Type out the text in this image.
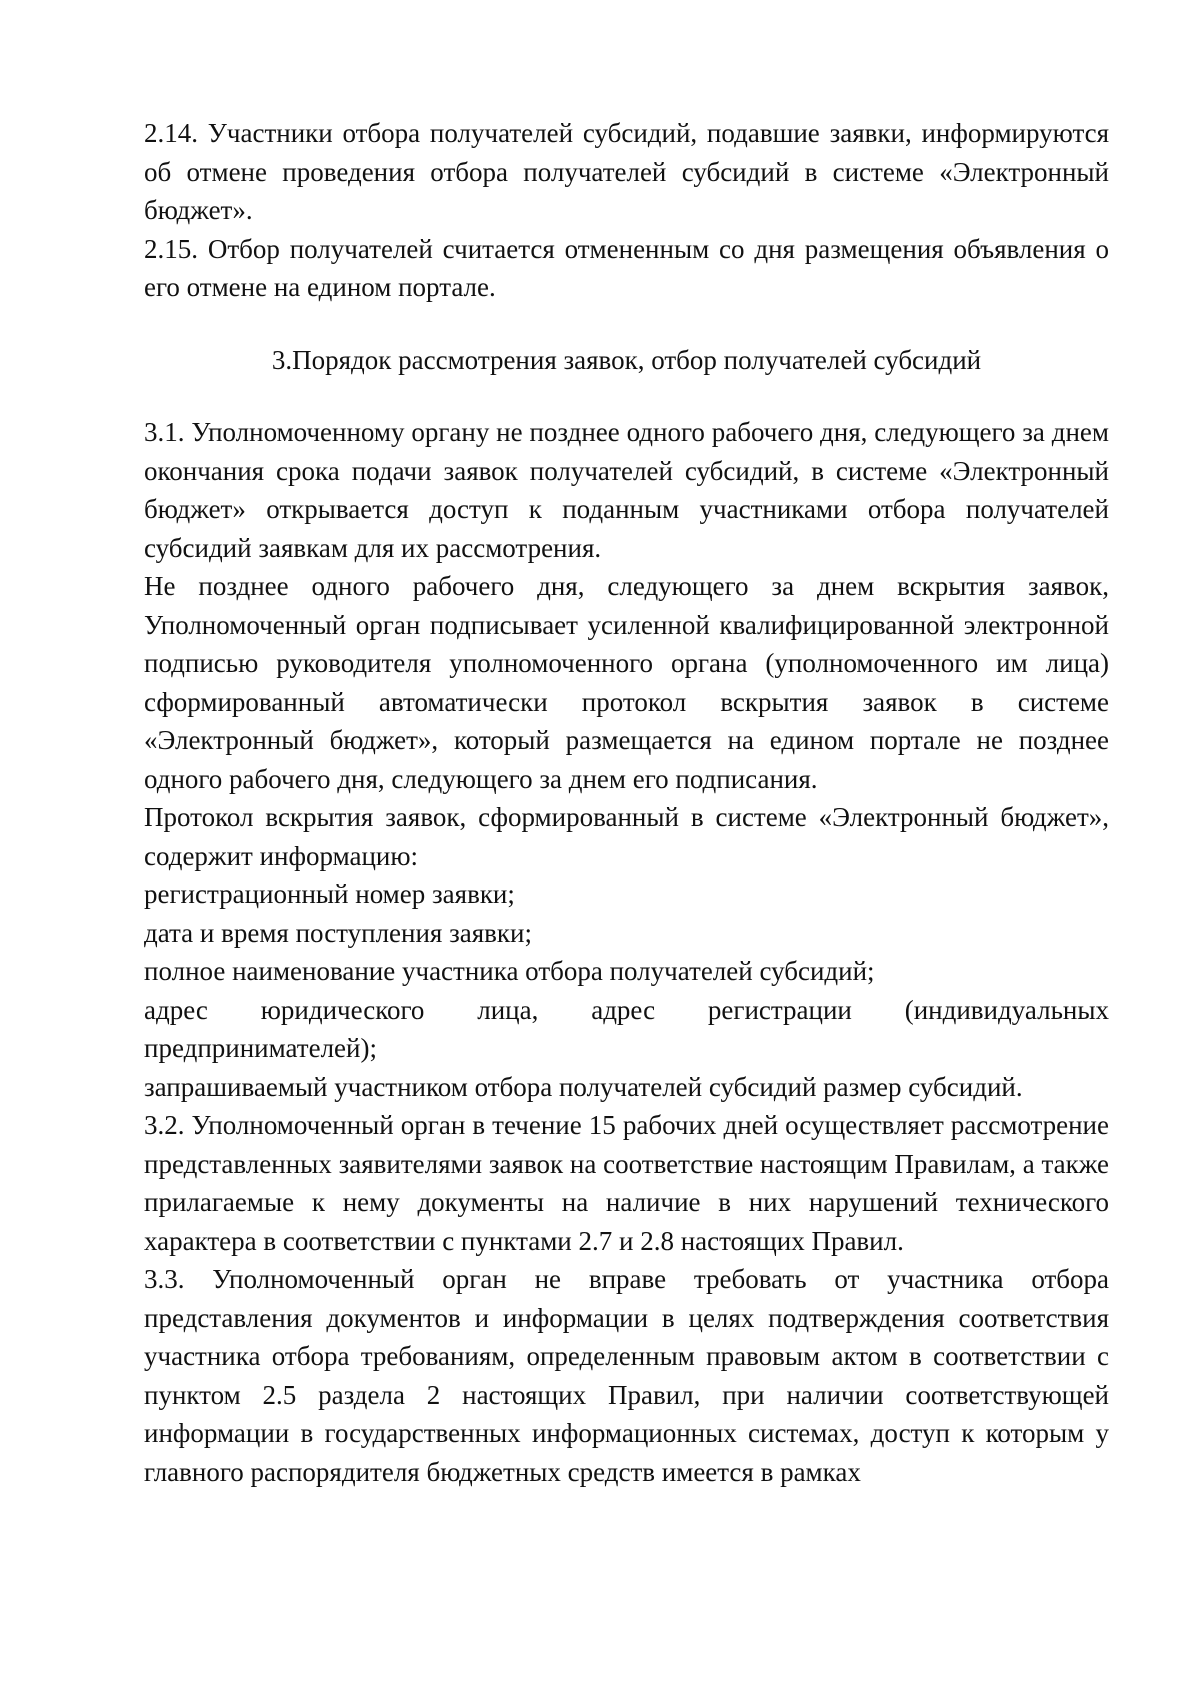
2.14. Участники отбора получателей субсидий, подавшие заявки, информируются об отмене проведения отбора получателей субсидий в системе «Электронный бюджет».

2.15. Отбор получателей считается отмененным со дня размещения объявления о его отмене на едином портале.

3.Порядок рассмотрения заявок, отбор получателей субсидий

3.1. Уполномоченному органу не позднее одного рабочего дня, следующего за днем окончания срока подачи заявок получателей субсидий, в системе «Электронный бюджет» открывается доступ к поданным участниками отбора получателей субсидий заявкам для их рассмотрения.

Не позднее одного рабочего дня, следующего за днем вскрытия заявок, Уполномоченный орган подписывает усиленной квалифицированной электронной подписью руководителя уполномоченного органа (уполномоченного им лица) сформированный автоматически протокол вскрытия заявок в системе «Электронный бюджет», который размещается на едином портале не позднее одного рабочего дня, следующего за днем его подписания.

Протокол вскрытия заявок, сформированный в системе «Электронный бюджет», содержит информацию:

регистрационный номер заявки;

дата и время поступления заявки;

полное наименование участника отбора получателей субсидий;

адрес юридического лица, адрес регистрации (индивидуальных предпринимателей);

запрашиваемый участником отбора получателей субсидий размер субсидий.

3.2. Уполномоченный орган в течение 15 рабочих дней осуществляет рассмотрение представленных заявителями заявок на соответствие настоящим Правилам, а также прилагаемые к нему документы на наличие в них нарушений технического характера в соответствии с пунктами 2.7 и 2.8 настоящих Правил.

3.3. Уполномоченный орган не вправе требовать от участника отбора представления документов и информации в целях подтверждения соответствия участника отбора требованиям, определенным правовым актом в соответствии с пунктом 2.5 раздела 2 настоящих Правил, при наличии соответствующей информации в государственных информационных системах, доступ к которым у главного распорядителя бюджетных средств имеется в рамках
